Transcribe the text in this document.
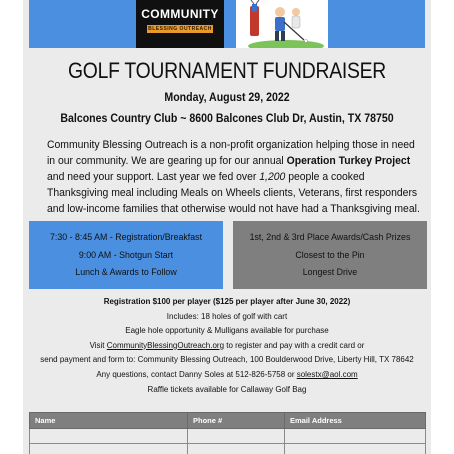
COMMUNITY
BLESSING OUTREACH
GOLF TOURNAMENT FUNDRAISER
Monday, August 29, 2022
Balcones Country Club ~ 8600 Balcones Club Dr, Austin, TX 78750
Community Blessing Outreach is a non-profit organization helping those in need in our community. We are gearing up for our annual Operation Turkey Project and need your support. Last year we fed over 1,200 people a cooked Thanksgiving meal including Meals on Wheels clients, Veterans, first responders and low-income families that otherwise would not have had a Thanksgiving meal.
7:30 - 8:45 AM - Registration/Breakfast
9:00 AM - Shotgun Start
Lunch & Awards to Follow
1st, 2nd & 3rd Place Awards/Cash Prizes
Closest to the Pin
Longest Drive
Registration $100 per player ($125 per player after June 30, 2022)
Includes: 18 holes of golf with cart
Eagle hole opportunity & Mulligans available for purchase
Visit CommunityBlessingOutreach.org to register and pay with a credit card or
send payment and form to: Community Blessing Outreach, 100 Boulderwood Drive, Liberty Hill, TX 78642
Any questions, contact Danny Soles at 512-826-5758 or solestx@aol.com
Raffle tickets available for Callaway Golf Bag
Name	Phone #	Email Address
